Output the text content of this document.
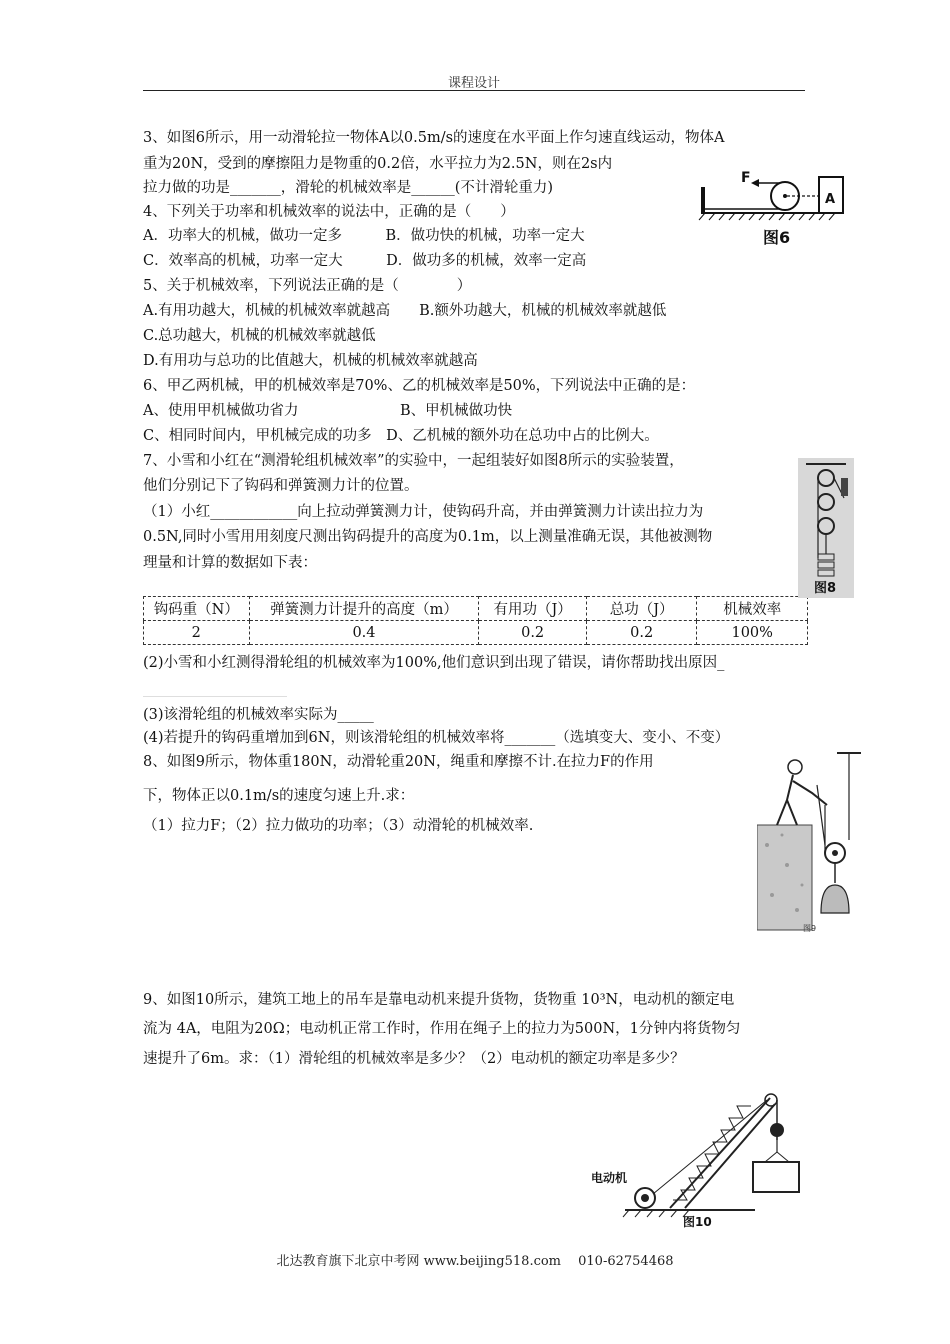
课程设计
3、如图6所示，用一动滑轮拉一物体A以0.5m/s的速度在水平面上作匀速直线运动，物体A
重为20N，受到的摩擦阻力是物重的0.2倍，水平拉力为2.5N，则在2s内
拉力做的功是_______，滑轮的机械效率是______(不计滑轮重力)
4、下列关于功率和机械效率的说法中，正确的是（　　）
A．功率大的机械，做功一定多　　　B．做功快的机械，功率一定大
C．效率高的机械，功率一定大　　　D．做功多的机械，效率一定高
5、关于机械效率，下列说法正确的是（　　　　）
A.有用功越大，机械的机械效率就越高　　B.额外功越大，机械的机械效率就越低
C.总功越大，机械的机械效率就越低
D.有用功与总功的比值越大，机械的机械效率就越高
6、甲乙两机械，甲的机械效率是70%、乙的机械效率是50%，下列说法中正确的是：
A、使用甲机械做功省力　　　　　　　B、甲机械做功快
C、相同时间内，甲机械完成的功多　D、乙机械的额外功在总功中占的比例大。
7、小雪和小红在“测滑轮组机械效率”的实验中，一起组装好如图8所示的实验装置，
他们分别记下了钩码和弹簧测力计的位置。
（1）小红____________向上拉动弹簧测力计，使钩码升高，并由弹簧测力计读出拉力为
0.5N,同时小雪用用刻度尺测出钩码提升的高度为0.1m，以上测量准确无误，其他被测物
理量和计算的数据如下表：
钩码重（N）	弹簧测力计提升的高度（m）	有用功（J）	总功（J）	机械效率
2	0.4	0.2	0.2	100%
(2)小雪和小红测得滑轮组的机械效率为100%,他们意识到出现了错误，请你帮助找出原因_
________________________
(3)该滑轮组的机械效率实际为_____
(4)若提升的钩码重增加到6N，则该滑轮组的机械效率将_______（选填变大、变小、不变）
8、如图9所示，物体重180N，动滑轮重20N，绳重和摩擦不计.在拉力F的作用
下，物体正以0.1m/s的速度匀速上升.求：
（1）拉力F；（2）拉力做功的功率；（3）动滑轮的机械效率.
9、如图10所示，建筑工地上的吊车是靠电动机来提升货物，货物重 10³N，电动机的额定电
流为 4A，电阻为20Ω；电动机正常工作时，作用在绳子上的拉力为500N，1分钟内将货物匀
速提升了6m。求：（1）滑轮组的机械效率是多少？（2）电动机的额定功率是多少？
F
A
图6
图8
图9
电动机
图10
北达教育旗下北京中考网 www.beijing518.com　 010-62754468
